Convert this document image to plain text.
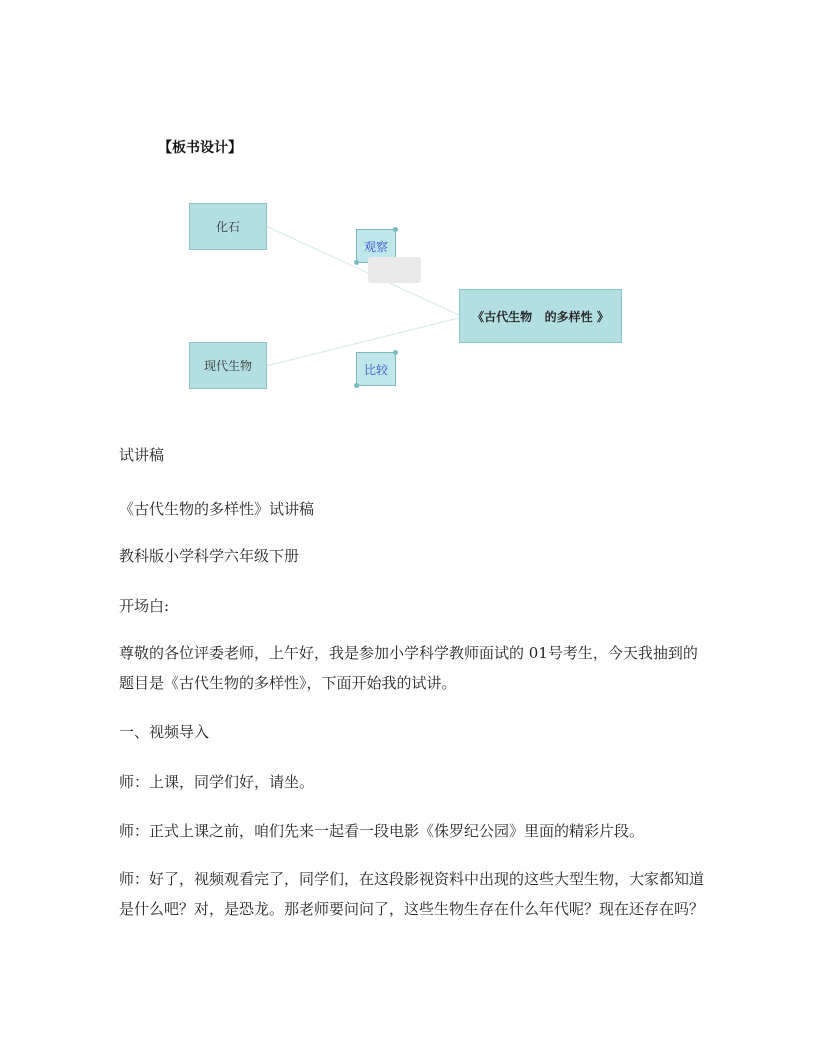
【板书设计】
化石
现代生物
观察
比较
《古代生物   的多样性 》
试讲稿
《古代生物的多样性》试讲稿
教科版小学科学六年级下册
开场白:
尊敬的各位评委老师，上午好，我是参加小学科学教师面试的 01号考生，今天我抽到的题目是《古代生物的多样性》，下面开始我的试讲。
一、视频导入
师：上课，同学们好，请坐。
师：正式上课之前，咱们先来一起看一段电影《侏罗纪公园》里面的精彩片段。
师：好了，视频观看完了，同学们，在这段影视资料中出现的这些大型生物，大家都知道是什么吧？对，是恐龙。那老师要问问了，这些生物生存在什么年代呢？现在还存在吗？
